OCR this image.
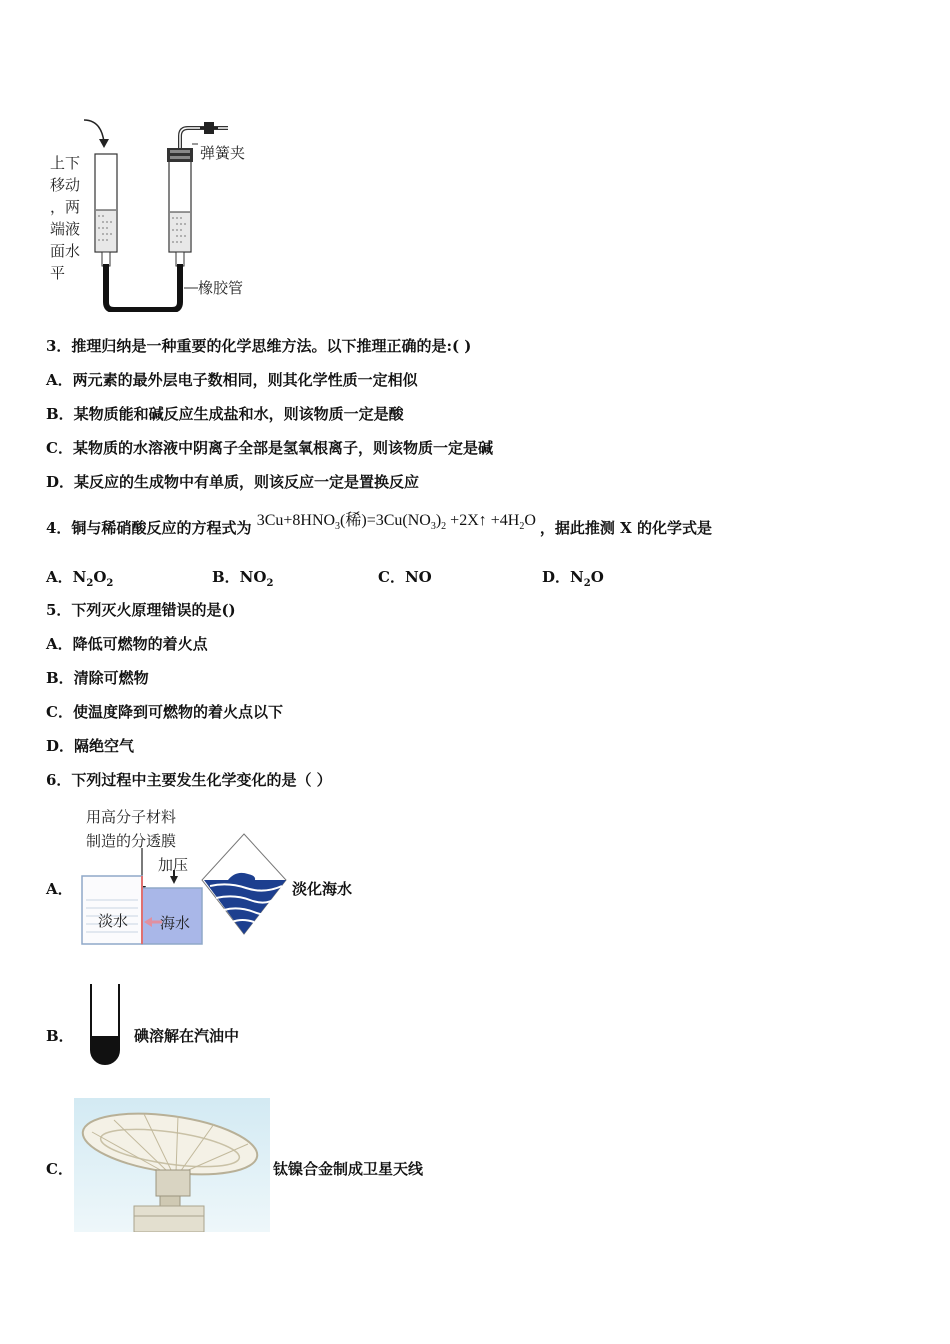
上下
移动
，两
端液
面水
平
弹簧夹
橡胶管
3．推理归纳是一种重要的化学思维方法。以下推理正确的是:( )
A．两元素的最外层电子数相同，则其化学性质一定相似
B．某物质能和碱反应生成盐和水，则该物质一定是酸
C．某物质的水溶液中阴离子全部是氢氧根离子，则该物质一定是碱
D．某反应的生成物中有单质，则该反应一定是置换反应
4．铜与稀硝酸反应的方程式为 $3Cu+8HNO_3$(稀)$=3Cu(NO_3)_2$ +2X↑ $+4H_2O$ ，据此推测 X 的化学式是
A．$N_2O_2$	B．$NO_2$	C．NO	D．$N_2O$
5．下列灭火原理错误的是()
A．降低可燃物的着火点
B．清除可燃物
C．使温度降到可燃物的着火点以下
D．隔绝空气
6．下列过程中主要发生化学变化的是（ ）
用高分子材料
制造的分透膜
加压
淡水 海水
A．	淡化海水
B．	碘溶解在汽油中
C．	钛镍合金制成卫星天线
